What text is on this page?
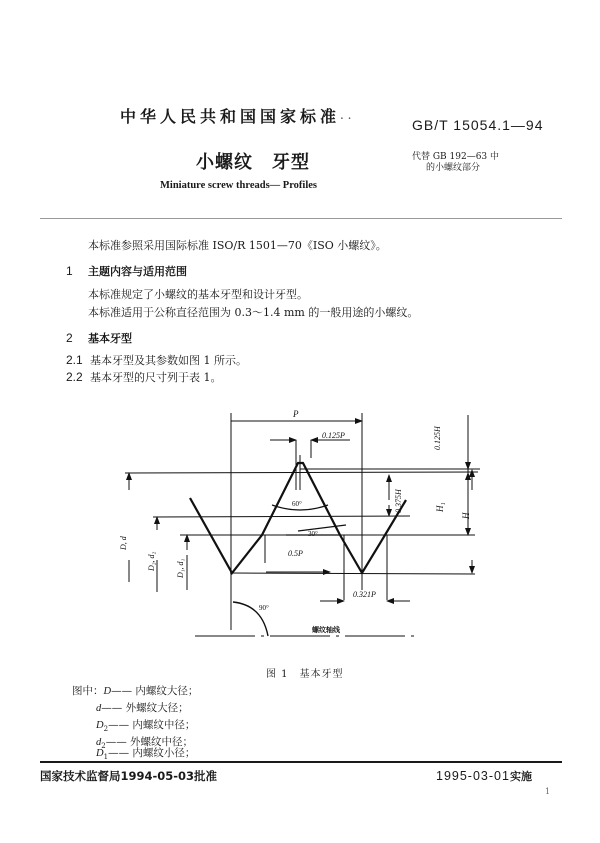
中华人民共和国国家标准 . .
GB/T 15054.1—94
小螺纹　牙型	代替 GB 192—63 中
的小螺纹部分
Miniature screw threads— Profiles
本标准参照采用国际标准 ISO/R 1501—70《ISO 小螺纹》。
1 主题内容与适用范围
本标准规定了小螺纹的基本牙型和设计牙型。
本标准适用于公称直径范围为 0.3～1.4 mm 的一般用途的小螺纹。
2 基本牙型
2.1 基本牙型及其参数如图 1 所示。
2.2 基本牙型的尺寸列于表 1。
P
0.125P
60°
30°
0.5P
0.321P
90°
螺纹轴线
0.125H
0.375H	H₁
H
D, d
D₂, d₂	D₁, d₁
图 1　基本牙型
图中：D—— 内螺纹大径；
d—— 外螺纹大径；
$D_2——$ 内螺纹中径；
$d_2——$ 外螺纹中径；
$D_1——$ 内螺纹小径；
国家技术监督局1994-05-03批准	1995-03-01实施
1
